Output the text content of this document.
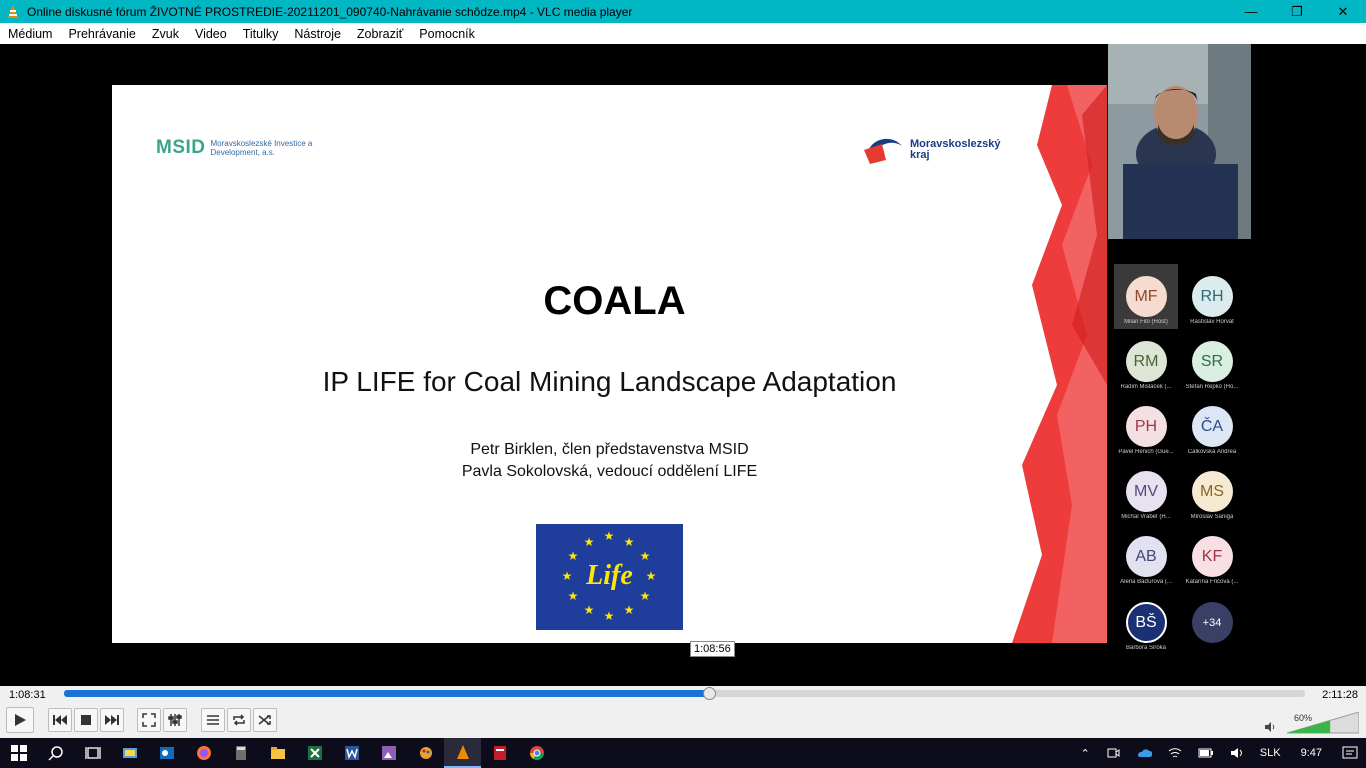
Online diskusné fórum ŽIVOTNÉ PROSTREDIE-20211201_090740-Nahrávanie schôdze.mp4 - VLC media player	—	❐	✕
Médium	Prehrávanie	Zvuk	Video	Titulky	Nástroje	Zobraziť	Pomocník
MSID Moravskoslezské Investice a Development, a.s.
Moravskoslezský kraj
COALA
IP LIFE for Coal Mining Landscape Adaptation
Petr Birklen, člen představenstva MSID
Pavla Sokolovská, vedoucí oddělení LIFE
★ ★
★
★
★
★
★
★
★
★
★
★
Life
1:08:56
MF
Milan Filo (Host)
RH
Rastislav Horvát
RM
Radim Mislaček (...
SR
Stefan Repko (Ho...
PH
Pavel Henich (Gue...
ČA
Čalkovská Andrea
MV
Michal Vrábeľ (H...
MS
Miroslav Saniga
AB
Alena Baďurová (...
KF
Katarína Fričová (...
BŠ
Barbora Siroká
+34
1:08:31	2:11:28
60%
⌃	SLK	9:47
